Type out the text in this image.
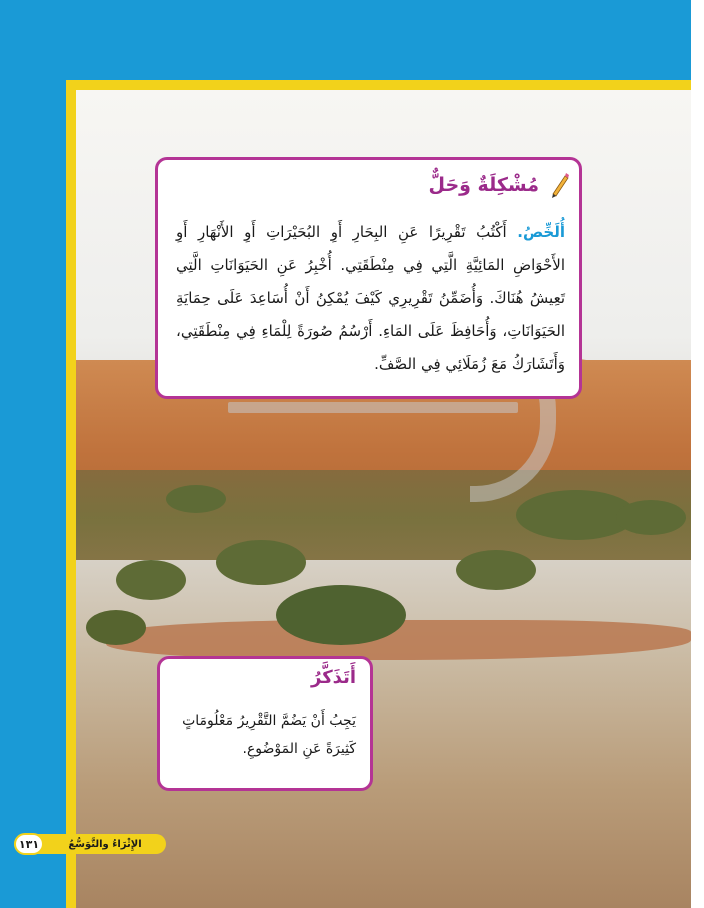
مُشْكِلَةٌ وَحَلٌّ
أُلَخِّصُ. أَكْتُبُ تَقْرِيرًا عَنِ البِحَارِ أَوِ البُحَيْرَاتِ أَوِ الأَنْهَارِ أَوِ الأَحْوَاضِ المَائِيَّةِ الَّتِي فِي مِنْطَقَتِي. أُخْبِرُ عَنِ الحَيَوَانَاتِ الَّتِي تَعِيشُ هُنَاكَ. وَأُضَمِّنُ تَقْرِيرِي كَيْفَ يُمْكِنُ أَنْ أُسَاعِدَ عَلَى حِمَايَةِ الحَيَوَانَاتِ، وَأُحَافِظَ عَلَى المَاءِ. أَرْسُمُ صُورَةً لِلْمَاءِ فِي مِنْطَقَتِي، وَأَتَشَارَكُ مَعَ زُمَلَائِي فِي الصَّفِّ.
أَتَذَكَّرُ
يَجِبُ أَنْ يَضُمَّ التَّقْرِيرُ مَعْلُومَاتٍ كَثِيرَةً عَنِ المَوْضُوعِ.
١٣١	الإِثْرَاءُ والتَّوَسُّعُ
